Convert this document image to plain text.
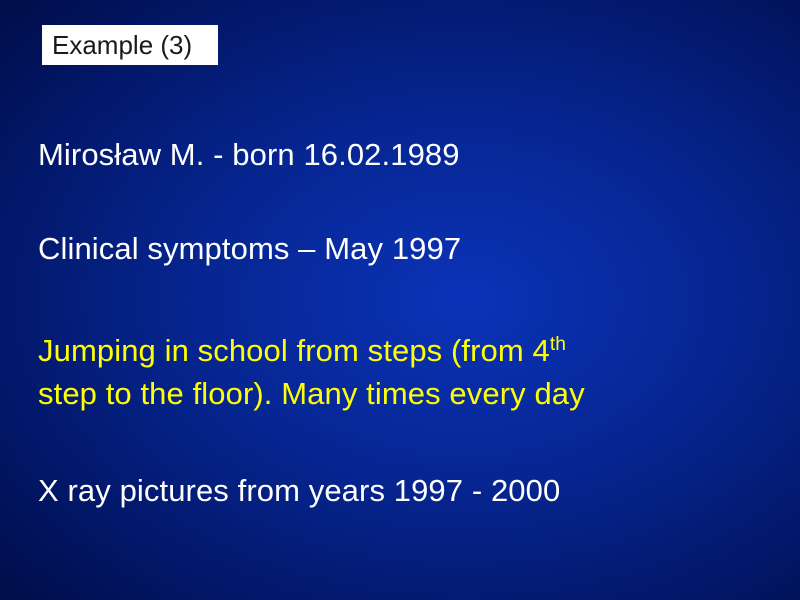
Example (3)
Mirosław M. - born 16.02.1989
Clinical symptoms – May 1997
Jumping in school from steps (from 4th
step to the floor). Many times every day
X ray pictures from years 1997 - 2000
